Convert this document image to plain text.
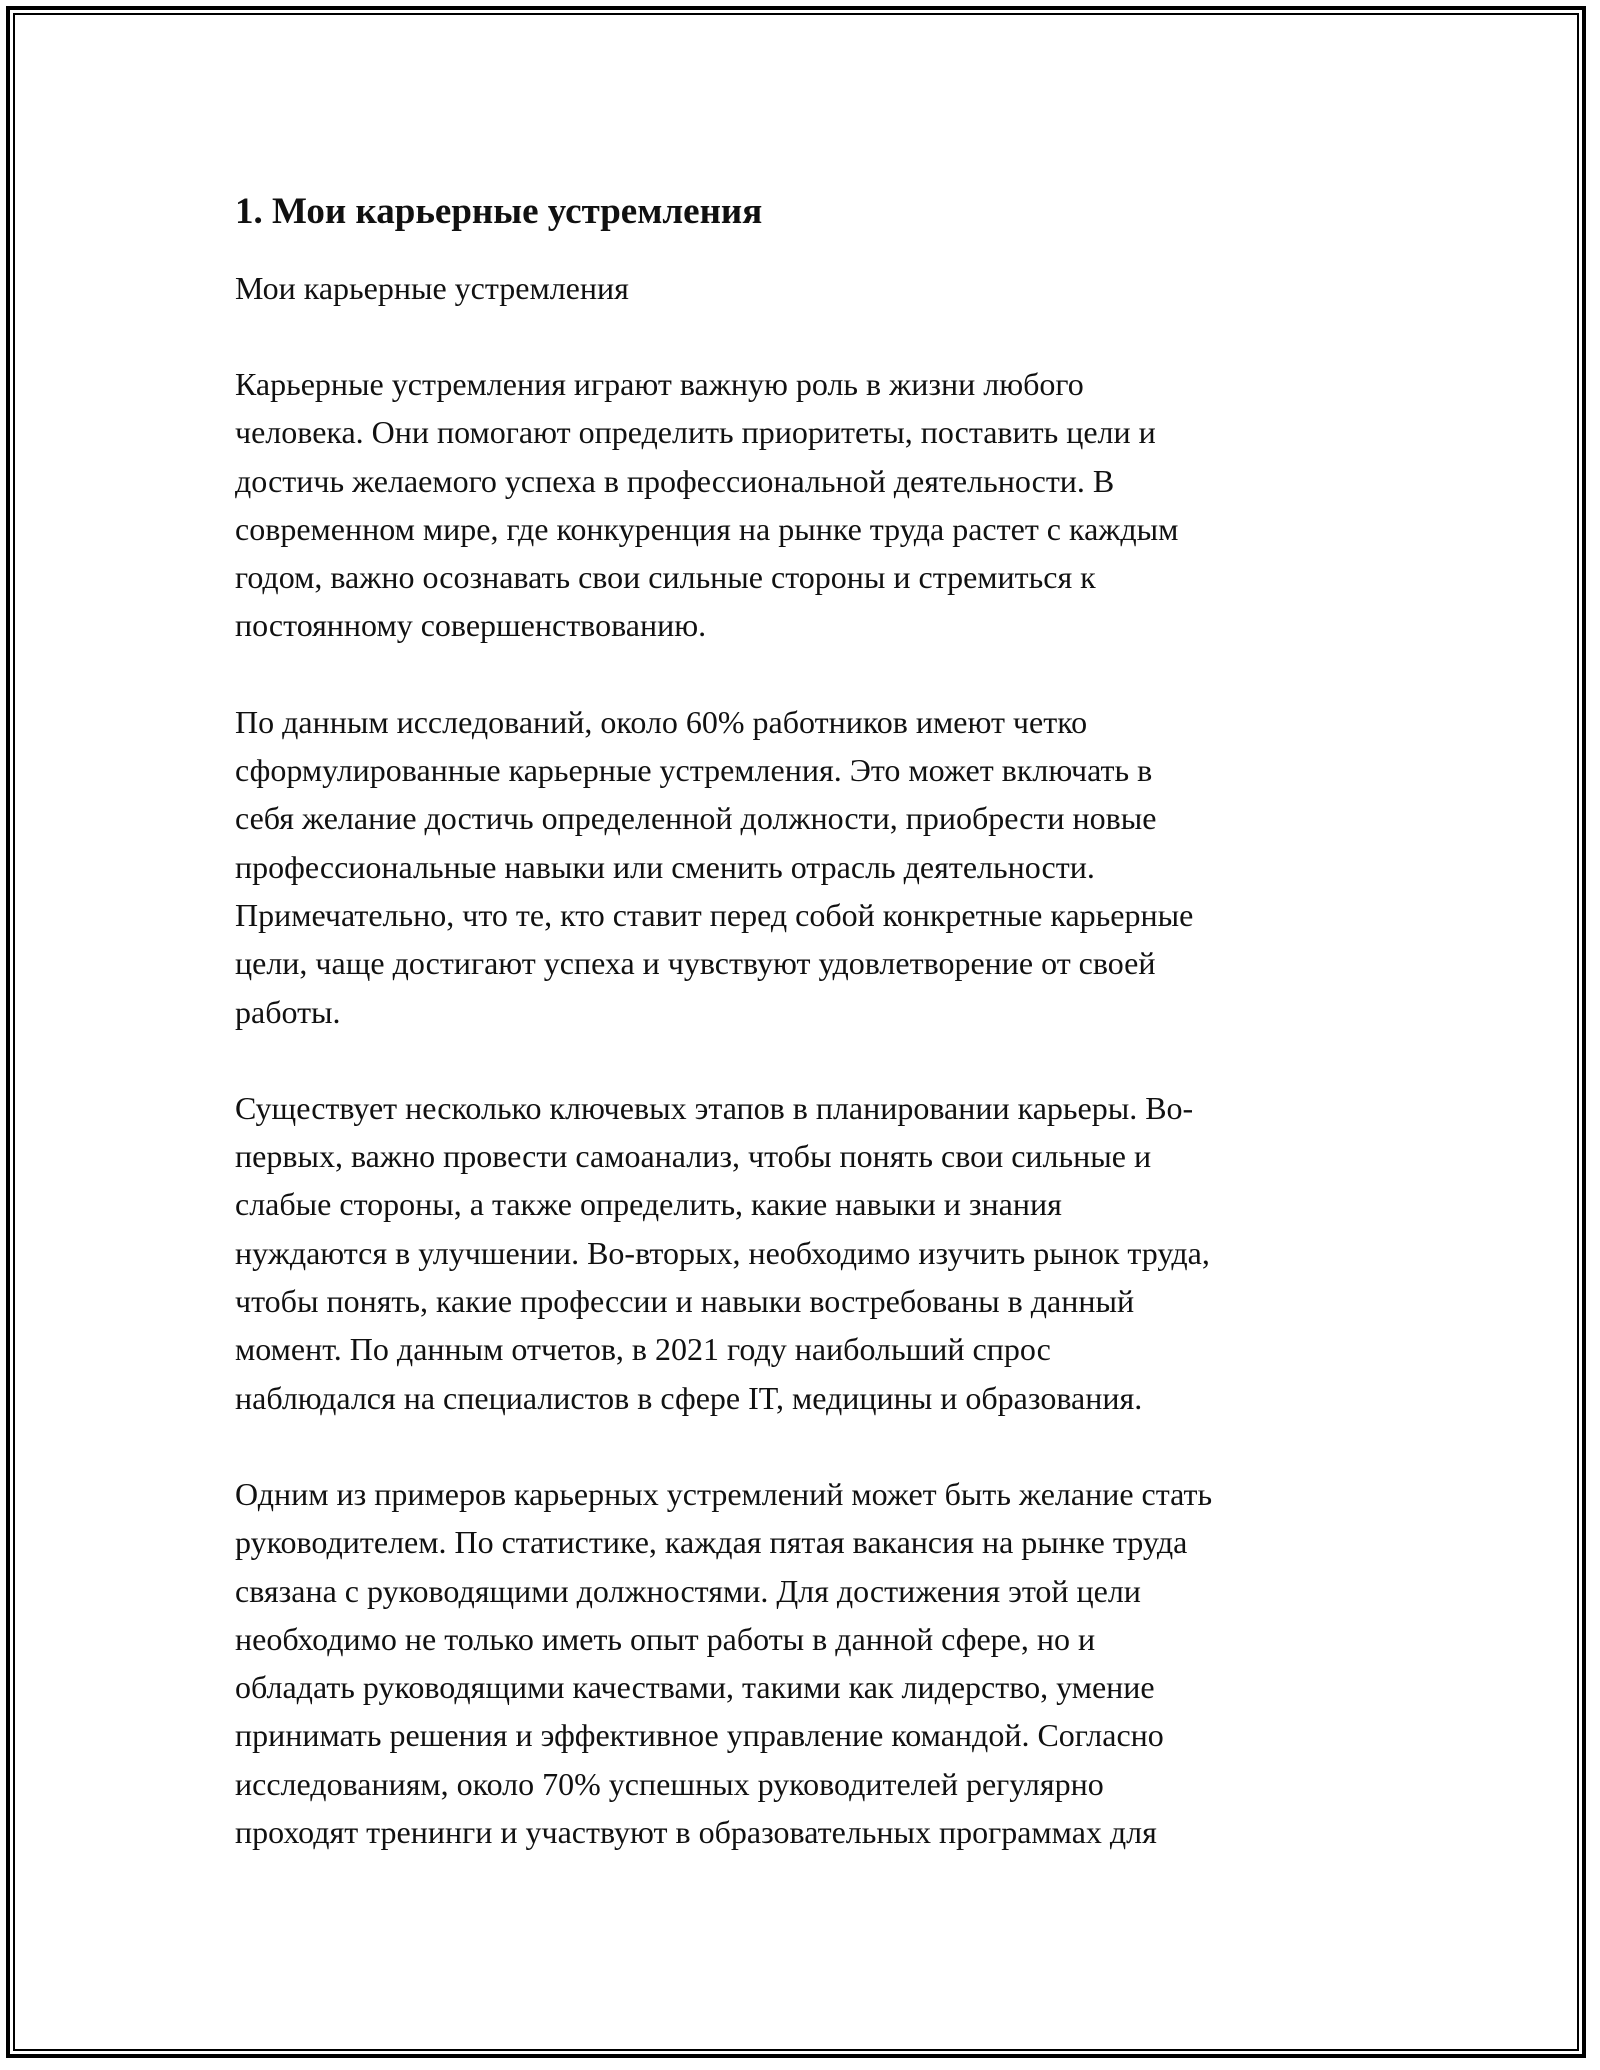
1. Мои карьерные устремления
Мои карьерные устремления

Карьерные устремления играют важную роль в жизни любого
человека. Они помогают определить приоритеты, поставить цели и
достичь желаемого успеха в профессиональной деятельности. В
современном мире, где конкуренция на рынке труда растет с каждым
годом, важно осознавать свои сильные стороны и стремиться к
постоянному совершенствованию.

По данным исследований, около 60% работников имеют четко
сформулированные карьерные устремления. Это может включать в
себя желание достичь определенной должности, приобрести новые
профессиональные навыки или сменить отрасль деятельности.
Примечательно, что те, кто ставит перед собой конкретные карьерные
цели, чаще достигают успеха и чувствуют удовлетворение от своей
работы.

Существует несколько ключевых этапов в планировании карьеры. Во-
первых, важно провести самоанализ, чтобы понять свои сильные и
слабые стороны, а также определить, какие навыки и знания
нуждаются в улучшении. Во-вторых, необходимо изучить рынок труда,
чтобы понять, какие профессии и навыки востребованы в данный
момент. По данным отчетов, в 2021 году наибольший спрос
наблюдался на специалистов в сфере IT, медицины и образования.

Одним из примеров карьерных устремлений может быть желание стать
руководителем. По статистике, каждая пятая вакансия на рынке труда
связана с руководящими должностями. Для достижения этой цели
необходимо не только иметь опыт работы в данной сфере, но и
обладать руководящими качествами, такими как лидерство, умение
принимать решения и эффективное управление командой. Согласно
исследованиям, около 70% успешных руководителей регулярно
проходят тренинги и участвуют в образовательных программах для
